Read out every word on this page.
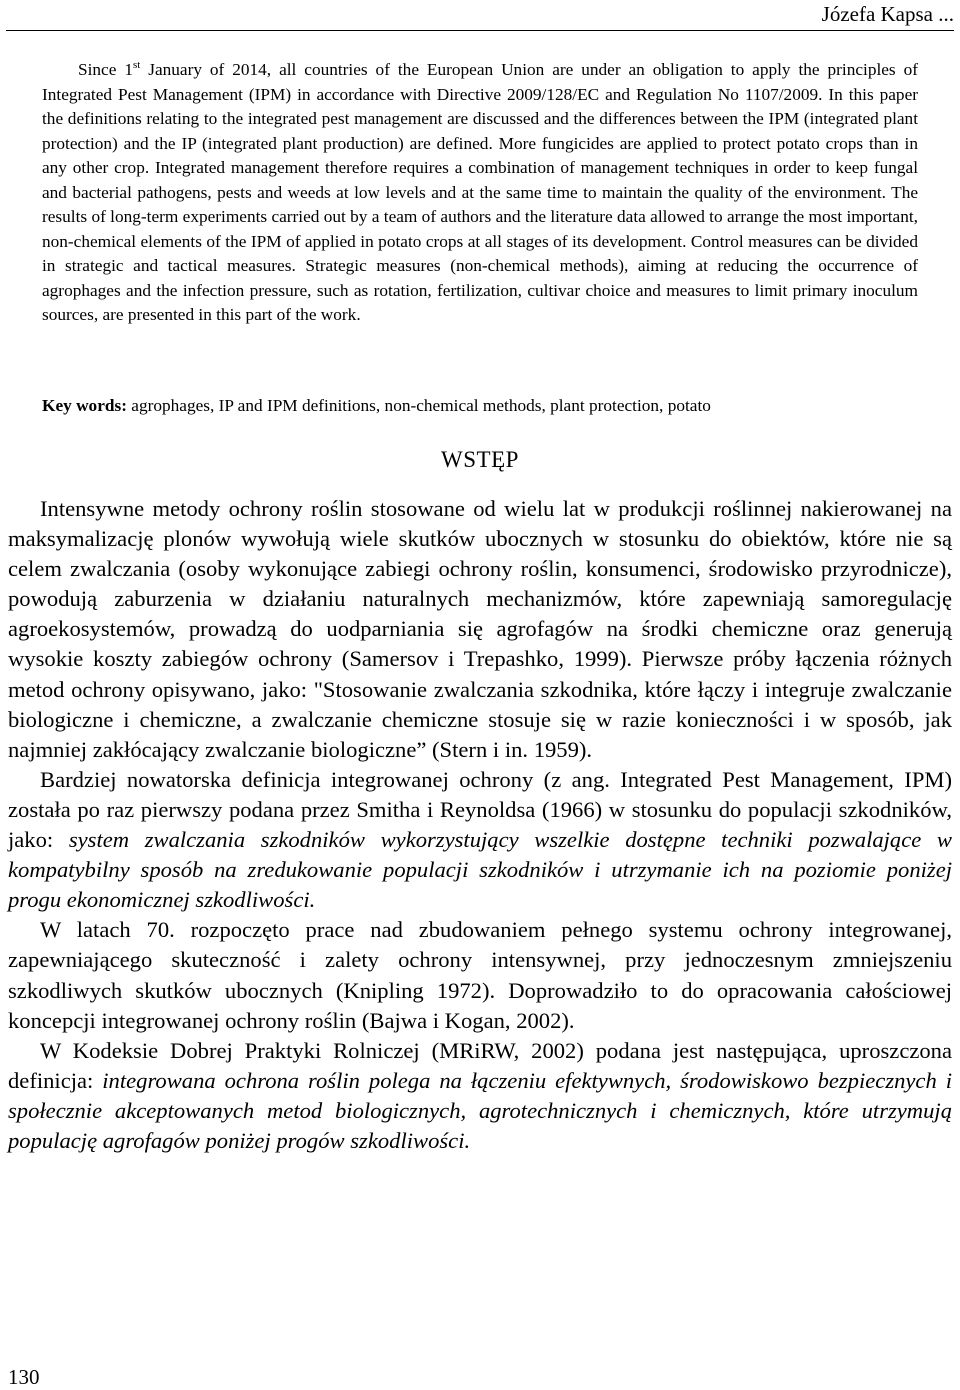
Józefa Kapsa ...
Since 1st January of 2014, all countries of the European Union are under an obligation to apply the principles of Integrated Pest Management (IPM) in accordance with Directive 2009/128/EC and Regulation No 1107/2009. In this paper the definitions relating to the integrated pest management are discussed and the differences between the IPM (integrated plant protection) and the IP (integrated plant production) are defined. More fungicides are applied to protect potato crops than in any other crop. Integrated management therefore requires a combination of management techniques in order to keep fungal and bacterial pathogens, pests and weeds at low levels and at the same time to maintain the quality of the environment. The results of long-term experiments carried out by a team of authors and the literature data allowed to arrange the most important, non-chemical elements of the IPM of applied in potato crops at all stages of its development. Control measures can be divided in strategic and tactical measures. Strategic measures (non-chemical methods), aiming at reducing the occurrence of agrophages and the infection pressure, such as rotation, fertilization, cultivar choice and measures to limit primary inoculum sources, are presented in this part of the work.
Key words: agrophages, IP and IPM definitions, non-chemical methods, plant protection, potato
WSTĘP

Intensywne metody ochrony roślin stosowane od wielu lat w produkcji roślinnej nakierowanej na maksymalizację plonów wywołują wiele skutków ubocznych w stosunku do obiektów, które nie są celem zwalczania (osoby wykonujące zabiegi ochrony roślin, konsumenci, środowisko przyrodnicze), powodują zaburzenia w działaniu naturalnych mechanizmów, które zapewniają samoregulację agroekosystemów, prowadzą do uodparniania się agrofagów na środki chemiczne oraz generują wysokie koszty zabiegów ochrony (Samersov i Trepashko, 1999). Pierwsze próby łączenia różnych metod ochrony opisywano, jako: "Stosowanie zwalczania szkodnika, które łączy i integruje zwalczanie biologiczne i chemiczne, a zwalczanie chemiczne stosuje się w razie konieczności i w sposób, jak najmniej zakłócający zwalczanie biologiczne” (Stern i in. 1959).

Bardziej nowatorska definicja integrowanej ochrony (z ang. Integrated Pest Management, IPM) została po raz pierwszy podana przez Smitha i Reynoldsa (1966) w stosunku do populacji szkodników, jako: system zwalczania szkodników wykorzystujący wszelkie dostępne techniki pozwalające w kompatybilny sposób na zredukowanie populacji szkodników i utrzymanie ich na poziomie poniżej progu ekonomicznej szkodliwości.

W latach 70. rozpoczęto prace nad zbudowaniem pełnego systemu ochrony integrowanej, zapewniającego skuteczność i zalety ochrony intensywnej, przy jednoczesnym zmniejszeniu szkodliwych skutków ubocznych (Knipling 1972). Doprowadziło to do opracowania całościowej koncepcji integrowanej ochrony roślin (Bajwa i Kogan, 2002).

W Kodeksie Dobrej Praktyki Rolniczej (MRiRW, 2002) podana jest następująca, uproszczona definicja: integrowana ochrona roślin polega na łączeniu efektywnych, środowiskowo bezpiecznych i społecznie akceptowanych metod biologicznych, agrotechnicznych i chemicznych, które utrzymują populację agrofagów poniżej progów szkodliwości.

130
